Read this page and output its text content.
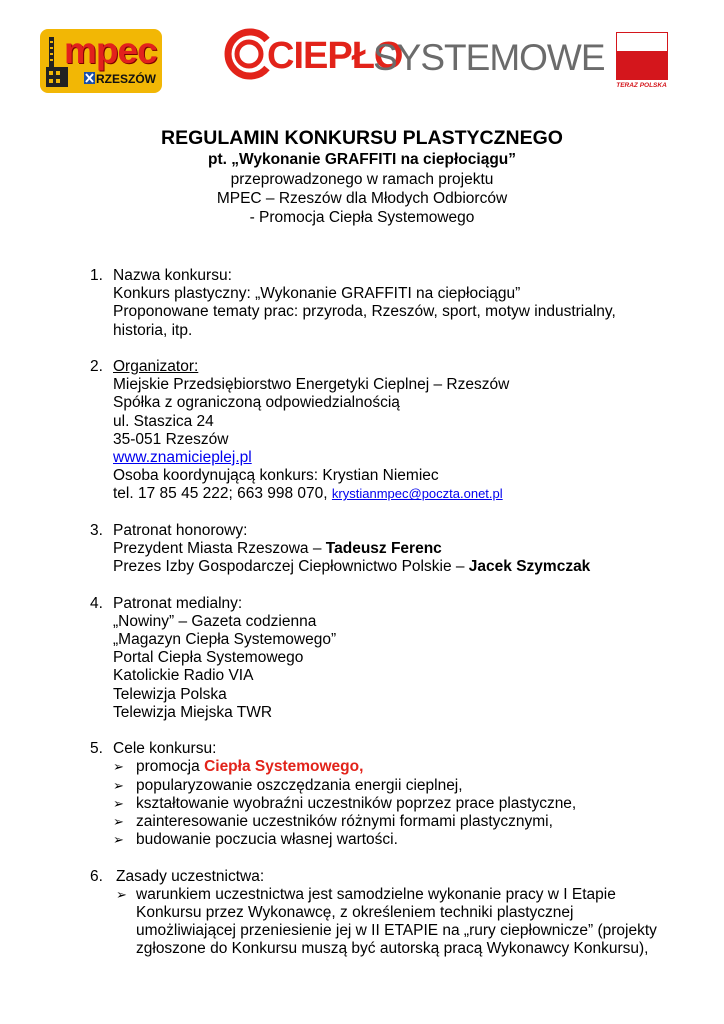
mpec
RZESZÓW
CIEPŁO
SYSTEMOWE
TERAZ POLSKA
REGULAMIN KONKURSU PLASTYCZNEGO
pt. „Wykonanie GRAFFITI na ciepłociągu”
przeprowadzonego w ramach projektu
MPEC – Rzeszów dla Młodych Odbiorców
- Promocja Ciepła Systemowego
1. Nazwa konkursu:
Konkurs plastyczny: „Wykonanie GRAFFITI na ciepłociągu”
Proponowane tematy prac: przyroda, Rzeszów, sport, motyw industrialny,
historia, itp.
2. Organizator:
Miejskie Przedsiębiorstwo Energetyki Cieplnej – Rzeszów
Spółka z ograniczoną odpowiedzialnością
ul. Staszica 24
35-051 Rzeszów
www.znamicieplej.pl
Osoba koordynującą konkurs: Krystian Niemiec
tel. 17 85 45 222; 663 998 070, krystianmpec@poczta.onet.pl
3. Patronat honorowy:
Prezydent Miasta Rzeszowa – Tadeusz Ferenc
Prezes Izby Gospodarczej Ciepłownictwo Polskie – Jacek Szymczak
4. Patronat medialny:
„Nowiny” – Gazeta codzienna
„Magazyn Ciepła Systemowego”
Portal Ciepła Systemowego
Katolickie Radio VIA
Telewizja Polska
Telewizja Miejska TWR
5. Cele konkursu:
➢ promocja Ciepła Systemowego,
➢ popularyzowanie oszczędzania energii cieplnej,
➢ kształtowanie wyobraźni uczestników poprzez prace plastyczne,
➢ zainteresowanie uczestników różnymi formami plastycznymi,
➢ budowanie poczucia własnej wartości.
6. Zasady uczestnictwa:
➢ warunkiem uczestnictwa jest samodzielne wykonanie pracy w I Etapie
Konkursu przez Wykonawcę, z określeniem techniki plastycznej
umożliwiającej przeniesienie jej w II ETAPIE na „rury ciepłownicze” (projekty
zgłoszone do Konkursu muszą być autorską pracą Wykonawcy Konkursu),
